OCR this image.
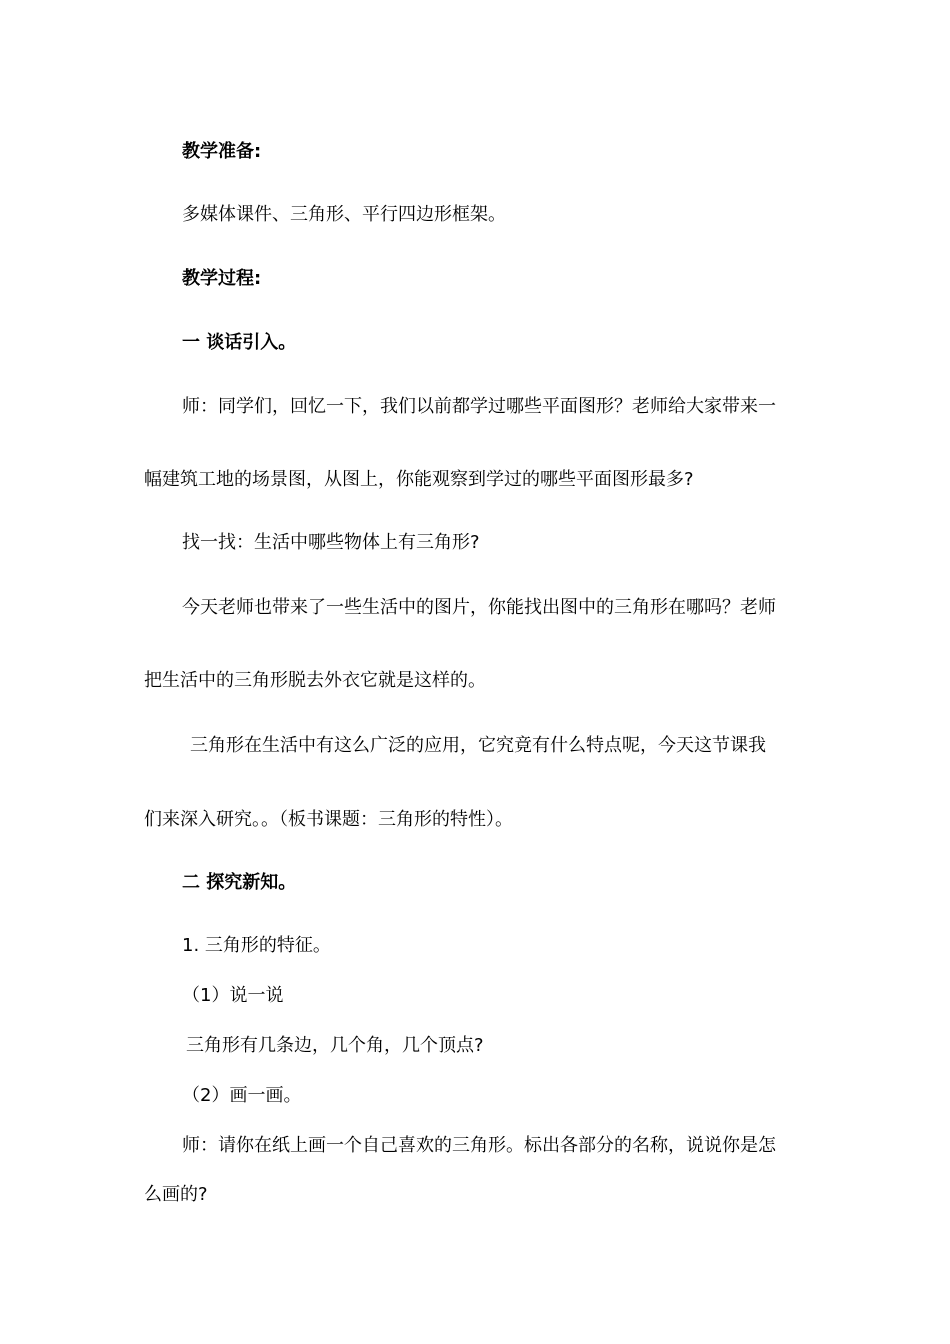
教学准备:
多媒体课件、三角形、平行四边形框架。
教学过程:
一 谈话引入。
师：同学们，回忆一下，我们以前都学过哪些平面图形？老师给大家带来一
幅建筑工地的场景图，从图上，你能观察到学过的哪些平面图形最多?
找一找：生活中哪些物体上有三角形?
今天老师也带来了一些生活中的图片，你能找出图中的三角形在哪吗？老师
把生活中的三角形脱去外衣它就是这样的。
三角形在生活中有这么广泛的应用，它究竟有什么特点呢，今天这节课我
们来深入研究。。（板书课题：三角形的特性）。
二 探究新知。
1. 三角形的特征。
（1）说一说
三角形有几条边，几个角，几个顶点?
（2）画一画。
师：请你在纸上画一个自己喜欢的三角形。标出各部分的名称，说说你是怎
么画的?
